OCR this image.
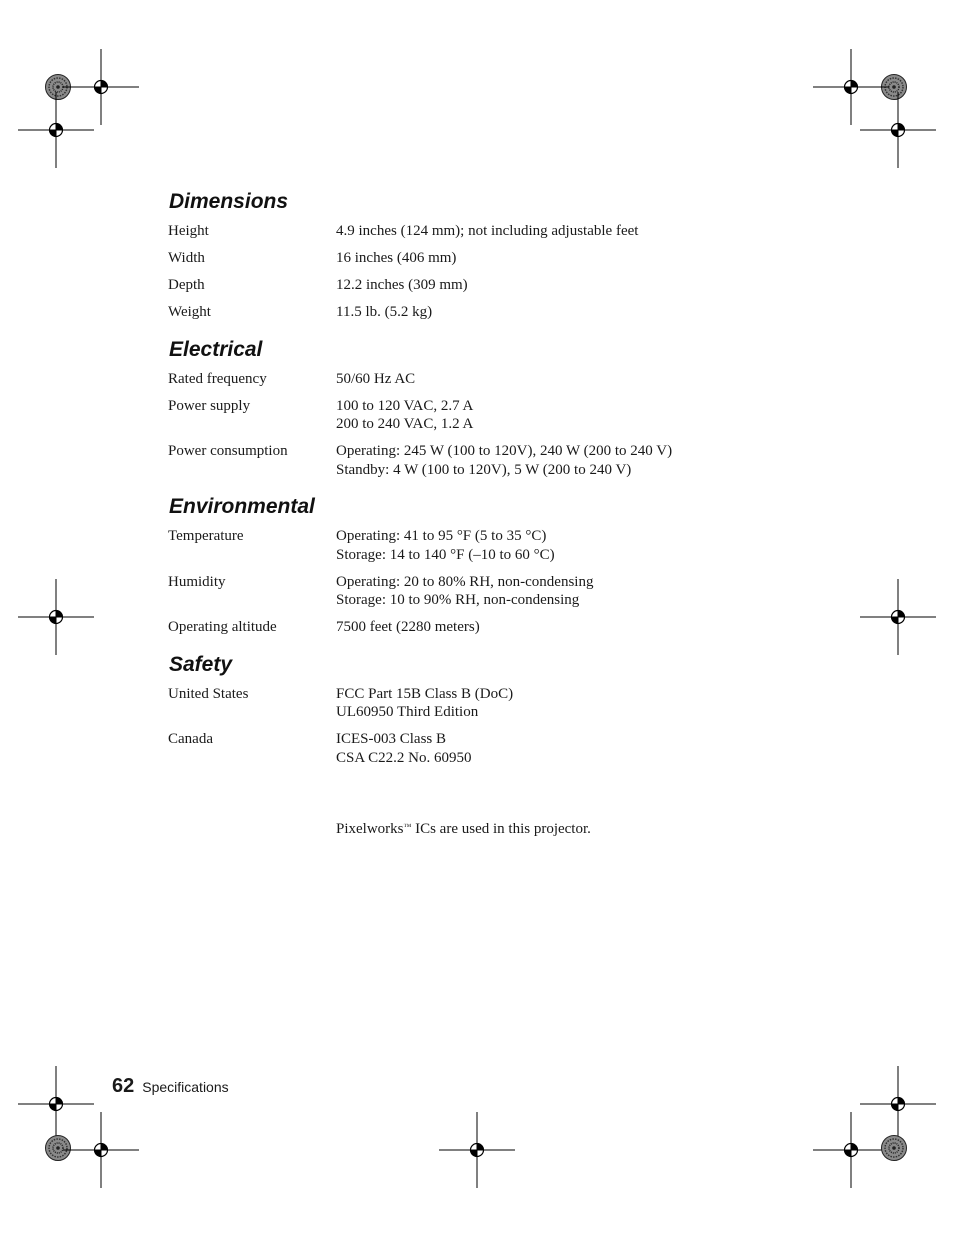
Dimensions
Height	4.9 inches (124 mm); not including adjustable feet
Width	16 inches (406 mm)
Depth	12.2 inches (309 mm)
Weight	11.5 lb. (5.2 kg)
Electrical
Rated frequency	50/60 Hz AC
Power supply	100 to 120 VAC, 2.7 A
200 to 240 VAC, 1.2 A
Power consumption	Operating: 245 W (100 to 120V), 240 W (200 to 240 V)
Standby: 4 W (100 to 120V), 5 W (200 to 240 V)
Environmental
Temperature	Operating: 41 to 95 °F (5 to 35 °C)
Storage: 14 to 140 °F (–10 to 60 °C)
Humidity	Operating: 20 to 80% RH, non-condensing
Storage: 10 to 90% RH, non-condensing
Operating altitude	7500 feet (2280 meters)
Safety
United States	FCC Part 15B Class B (DoC)
UL60950 Third Edition
Canada	ICES-003 Class B
CSA C22.2 No. 60950
Pixelworks™ ICs are used in this projector.
62 Specifications
